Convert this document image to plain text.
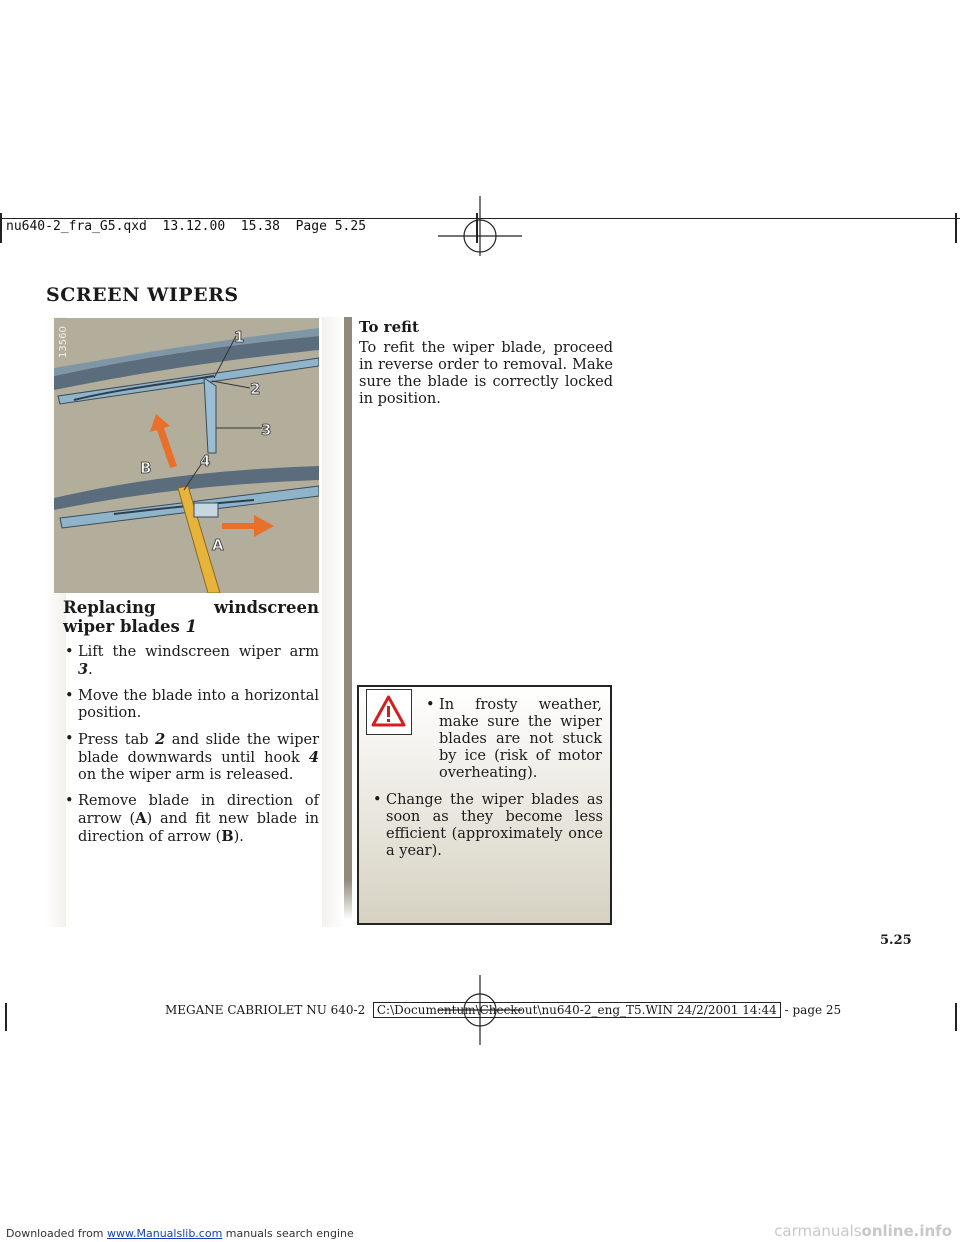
nu640-2_fra_G5.qxd  13.12.00  15.38  Page 5.25
SCREEN WIPERS
1
2
3
4
A
B
13560
Replacing windscreen wiper blades 1
• Lift the windscreen wiper arm 3.
• Move the blade into a horizontal position.
• Press tab 2 and slide the wiper blade downwards until hook 4 on the wiper arm is released.
• Remove blade in direction of arrow (A) and fit new blade in direction of arrow (B).
To refit
To refit the wiper blade, proceed in reverse order to removal. Make sure the blade is correctly locked in position.
• In frosty weather, make sure the wiper blades are not stuck by ice (risk of motor overheating).
• Change the wiper blades as soon as they become less efficient (approximately once a year).
5.25
MEGANE CABRIOLET NU 640-2 C:\Documentum\Checkout\nu640-2_eng_T5.WIN 24/2/2001 14:44 - page 25
Downloaded from www.Manualslib.com manuals search engine	carmanualsonline.info
